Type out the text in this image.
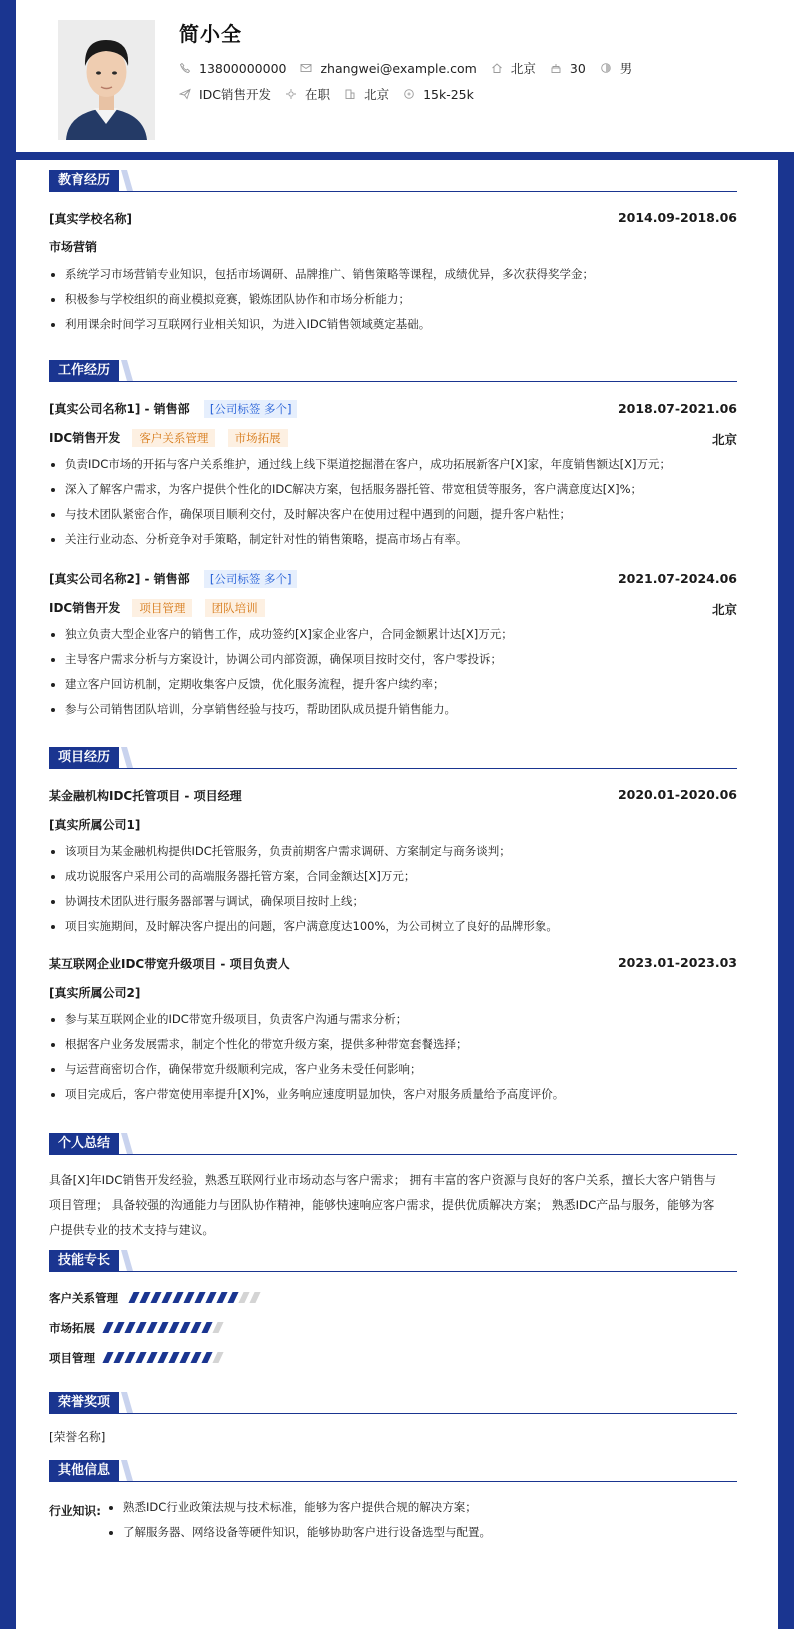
简小全
13800000000	zhangwei@example.com	北京	30	男
IDC销售开发	在职	北京	15k-25k
教育经历
[真实学校名称]	2014.09-2018.06
市场营销
系统学习市场营销专业知识，包括市场调研、品牌推广、销售策略等课程，成绩优异，多次获得奖学金；
积极参与学校组织的商业模拟竞赛，锻炼团队协作和市场分析能力；
利用课余时间学习互联网行业相关知识，为进入IDC销售领域奠定基础。
工作经历
[真实公司名称1] - 销售部 [公司标签 多个]	2018.07-2021.06
IDC销售开发 客户关系管理 市场拓展	北京
负责IDC市场的开拓与客户关系维护，通过线上线下渠道挖掘潜在客户，成功拓展新客户[X]家，年度销售额达[X]万元；
深入了解客户需求，为客户提供个性化的IDC解决方案，包括服务器托管、带宽租赁等服务，客户满意度达[X]%；
与技术团队紧密合作，确保项目顺利交付，及时解决客户在使用过程中遇到的问题，提升客户粘性；
关注行业动态、分析竞争对手策略，制定针对性的销售策略，提高市场占有率。
[真实公司名称2] - 销售部 [公司标签 多个]	2021.07-2024.06
IDC销售开发 项目管理 团队培训	北京
独立负责大型企业客户的销售工作，成功签约[X]家企业客户，合同金额累计达[X]万元；
主导客户需求分析与方案设计，协调公司内部资源，确保项目按时交付，客户零投诉；
建立客户回访机制，定期收集客户反馈，优化服务流程，提升客户续约率；
参与公司销售团队培训，分享销售经验与技巧，帮助团队成员提升销售能力。
项目经历
某金融机构IDC托管项目 - 项目经理	2020.01-2020.06
[真实所属公司1]
该项目为某金融机构提供IDC托管服务，负责前期客户需求调研、方案制定与商务谈判；
成功说服客户采用公司的高端服务器托管方案，合同金额达[X]万元；
协调技术团队进行服务器部署与调试，确保项目按时上线；
项目实施期间，及时解决客户提出的问题，客户满意度达100%，为公司树立了良好的品牌形象。
某互联网企业IDC带宽升级项目 - 项目负责人	2023.01-2023.03
[真实所属公司2]
参与某互联网企业的IDC带宽升级项目，负责客户沟通与需求分析；
根据客户业务发展需求，制定个性化的带宽升级方案，提供多种带宽套餐选择；
与运营商密切合作，确保带宽升级顺利完成，客户业务未受任何影响；
项目完成后，客户带宽使用率提升[X]%，业务响应速度明显加快，客户对服务质量给予高度评价。
个人总结
具备[X]年IDC销售开发经验，熟悉互联网行业市场动态与客户需求； 拥有丰富的客户资源与良好的客户关系，擅长大客户销售与
项目管理； 具备较强的沟通能力与团队协作精神，能够快速响应客户需求，提供优质解决方案； 熟悉IDC产品与服务，能够为客
户提供专业的技术支持与建议。
技能专长
客户关系管理
市场拓展
项目管理
荣誉奖项
[荣誉名称]
其他信息
行业知识:	熟悉IDC行业政策法规与技术标准，能够为客户提供合规的解决方案；
了解服务器、网络设备等硬件知识，能够协助客户进行设备选型与配置。
